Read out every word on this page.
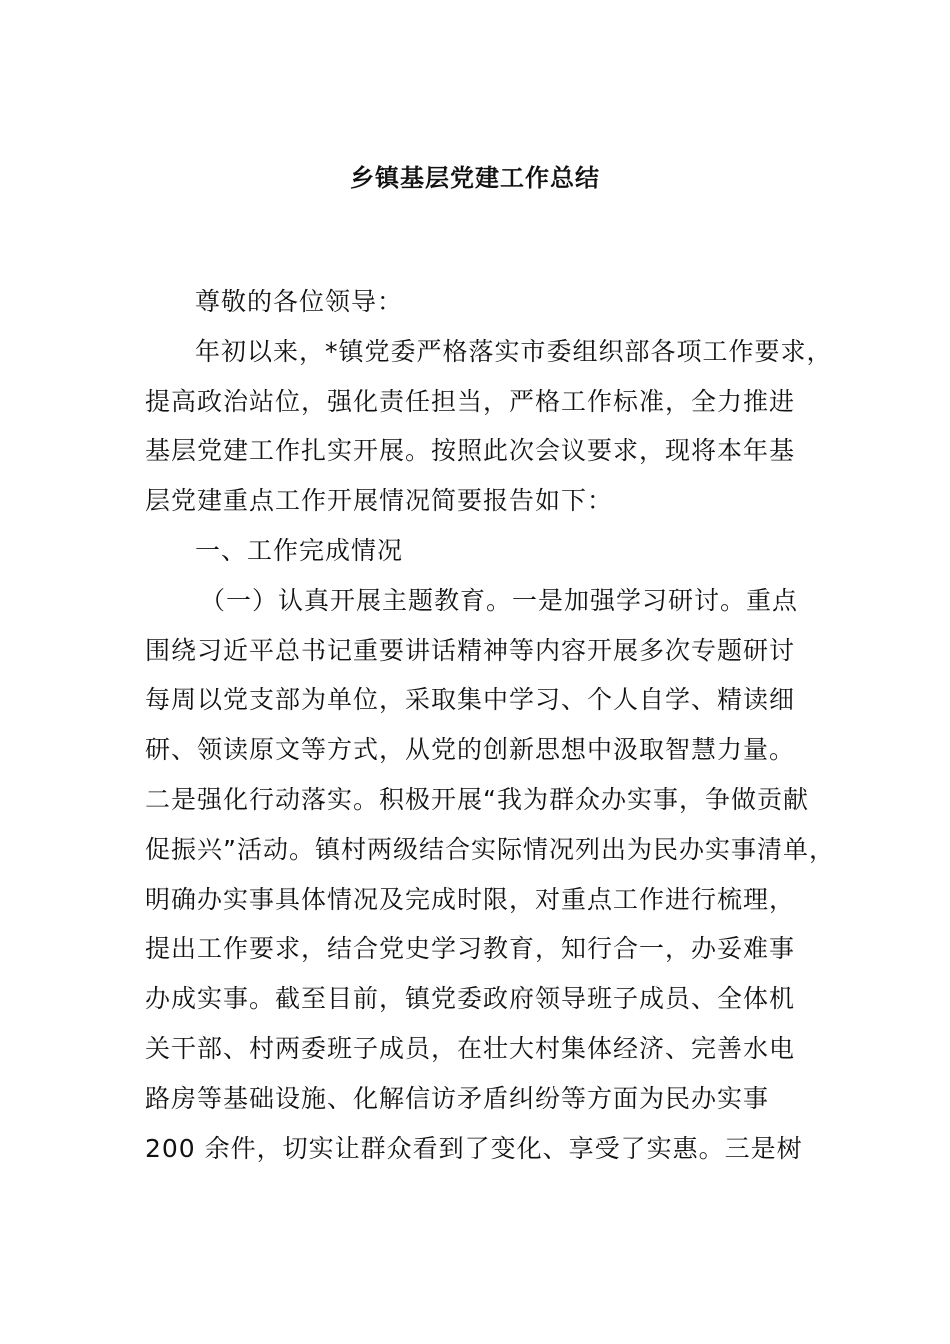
乡镇基层党建工作总结
尊敬的各位领导：
年初以来，*镇党委严格落实市委组织部各项工作要求，
提高政治站位，强化责任担当，严格工作标准，全力推进
基层党建工作扎实开展。按照此次会议要求，现将本年基
层党建重点工作开展情况简要报告如下：
一、工作完成情况
（一）认真开展主题教育。一是加强学习研讨。重点
围绕习近平总书记重要讲话精神等内容开展多次专题研讨
每周以党支部为单位，采取集中学习、个人自学、精读细
研、领读原文等方式，从党的创新思想中汲取智慧力量。
二是强化行动落实。积极开展“我为群众办实事，争做贡献
促振兴”活动。镇村两级结合实际情况列出为民办实事清单，
明确办实事具体情况及完成时限，对重点工作进行梳理，
提出工作要求，结合党史学习教育，知行合一，办妥难事
办成实事。截至目前，镇党委政府领导班子成员、全体机
关干部、村两委班子成员，在壮大村集体经济、完善水电
路房等基础设施、化解信访矛盾纠纷等方面为民办实事
200 余件，切实让群众看到了变化、享受了实惠。三是树
